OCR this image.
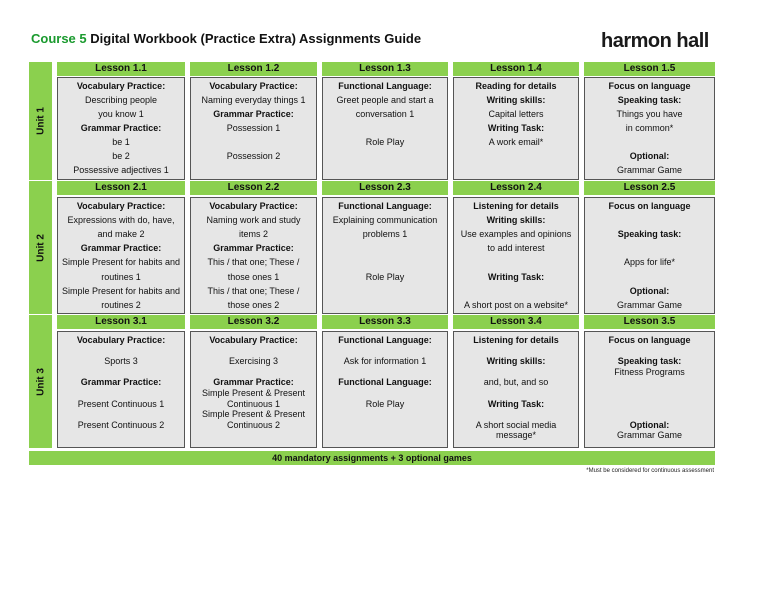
Course 5 Digital Workbook (Practice Extra) Assignments Guide	harmon hall
Unit 1
Lesson 1.1
Vocabulary Practice:
Describing people
you know 1
Grammar Practice:
be 1
be 2
Possessive adjectives 1
Lesson 1.2
Vocabulary Practice:
Naming everyday things 1
Grammar Practice:
Possession 1
Possession 2
Lesson 1.3
Functional Language:
Greet people and start a
conversation 1
Role Play
Lesson 1.4
Reading for details
Writing skills:
Capital letters
Writing Task:
A work email*
Lesson 1.5
Focus on language
Speaking task:
Things you have
in common*
Optional:
Grammar Game
Unit 2
Lesson 2.1
Vocabulary Practice:
Expressions with do, have,
and make 2
Grammar Practice:
Simple Present for habits and
routines 1
Simple Present for habits and
routines 2
Lesson 2.2
Vocabulary Practice:
Naming work and study
items 2
Grammar Practice:
This / that one; These /
those ones 1
This / that one; These /
those ones 2
Lesson 2.3
Functional Language:
Explaining communication
problems 1
Role Play
Lesson 2.4
Listening for details
Writing skills:
Use examples and opinions
to add interest
Writing Task:
A short post on a website*
Lesson 2.5
Focus on language
Speaking task:
Apps for life*
Optional:
Grammar Game
Unit 3
Lesson 3.1
Vocabulary Practice:
Sports 3
Grammar Practice:
Present Continuous 1
Present Continuous 2
Lesson 3.2
Vocabulary Practice:
Exercising 3
Grammar Practice:
Simple Present & Present
Continuous 1
Simple Present & Present
Continuous 2
Lesson 3.3
Functional Language:
Ask for information 1
Functional Language:
Role Play
Lesson 3.4
Listening for details
Writing skills:
and, but, and so
Writing Task:
A short social media
message*
Lesson 3.5
Focus on language
Speaking task:
Fitness Programs
Optional:
Grammar Game
40 mandatory assignments + 3 optional games
*Must be considered for continuous assessment
